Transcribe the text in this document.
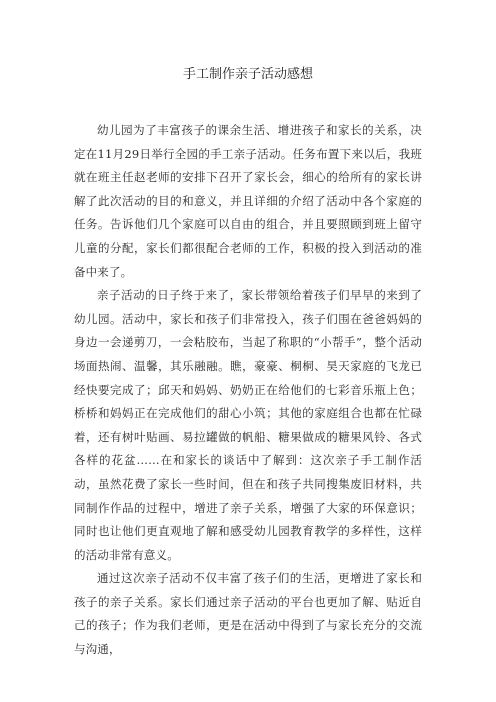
手工制作亲子活动感想

幼儿园为了丰富孩子的课余生活、增进孩子和家长的关系，决定在11月29日举行全园的手工亲子活动。任务布置下来以后，我班就在班主任赵老师的安排下召开了家长会，细心的给所有的家长讲解了此次活动的目的和意义，并且详细的介绍了活动中各个家庭的任务。告诉他们几个家庭可以自由的组合，并且要照顾到班上留守儿童的分配，家长们都很配合老师的工作，积极的投入到活动的准备中来了。

亲子活动的日子终于来了，家长带领给着孩子们早早的来到了幼儿园。活动中，家长和孩子们非常投入，孩子们围在爸爸妈妈的身边一会递剪刀，一会粘胶布，当起了称职的“小帮手”，整个活动场面热闹、温馨，其乐融融。瞧，豪豪、桐桐、昊天家庭的飞龙已经快要完成了；邱天和妈妈、奶奶正在给他们的七彩音乐瓶上色；桥桥和妈妈正在完成他们的甜心小筑；其他的家庭组合也都在忙碌着，还有树叶贴画、易拉罐做的帆船、糖果做成的糖果风铃、各式各样的花盆……在和家长的谈话中了解到：这次亲子手工制作活动，虽然花费了家长一些时间，但在和孩子共同搜集废旧材料，共同制作作品的过程中，增进了亲子关系，增强了大家的环保意识；同时也让他们更直观地了解和感受幼儿园教育教学的多样性，这样的活动非常有意义。

通过这次亲子活动不仅丰富了孩子们的生活，更增进了家长和孩子的亲子关系。家长们通过亲子活动的平台也更加了解、贴近自己的孩子；作为我们老师，更是在活动中得到了与家长充分的交流与沟通，
